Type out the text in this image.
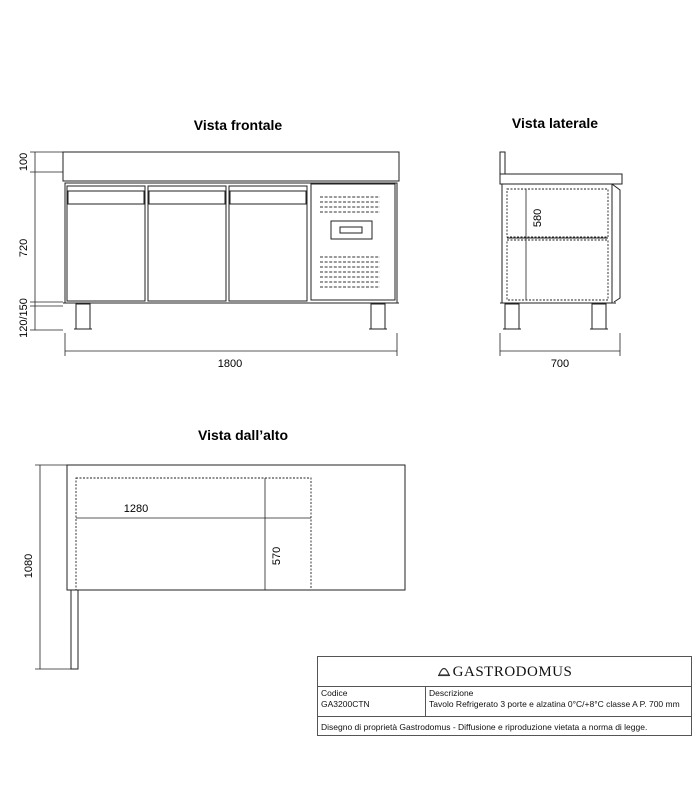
Vista frontale
100
720
120/150
1800
Vista laterale
580
700
Vista dall’alto
1280
570
1080
GASTRODOMUS
Codice
GA3200CTN
Descrizione
Tavolo Refrigerato 3 porte e alzatina 0°C/+8°C classe A P. 700 mm
Disegno di proprietà Gastrodomus - Diffusione e riproduzione vietata a norma di legge.
